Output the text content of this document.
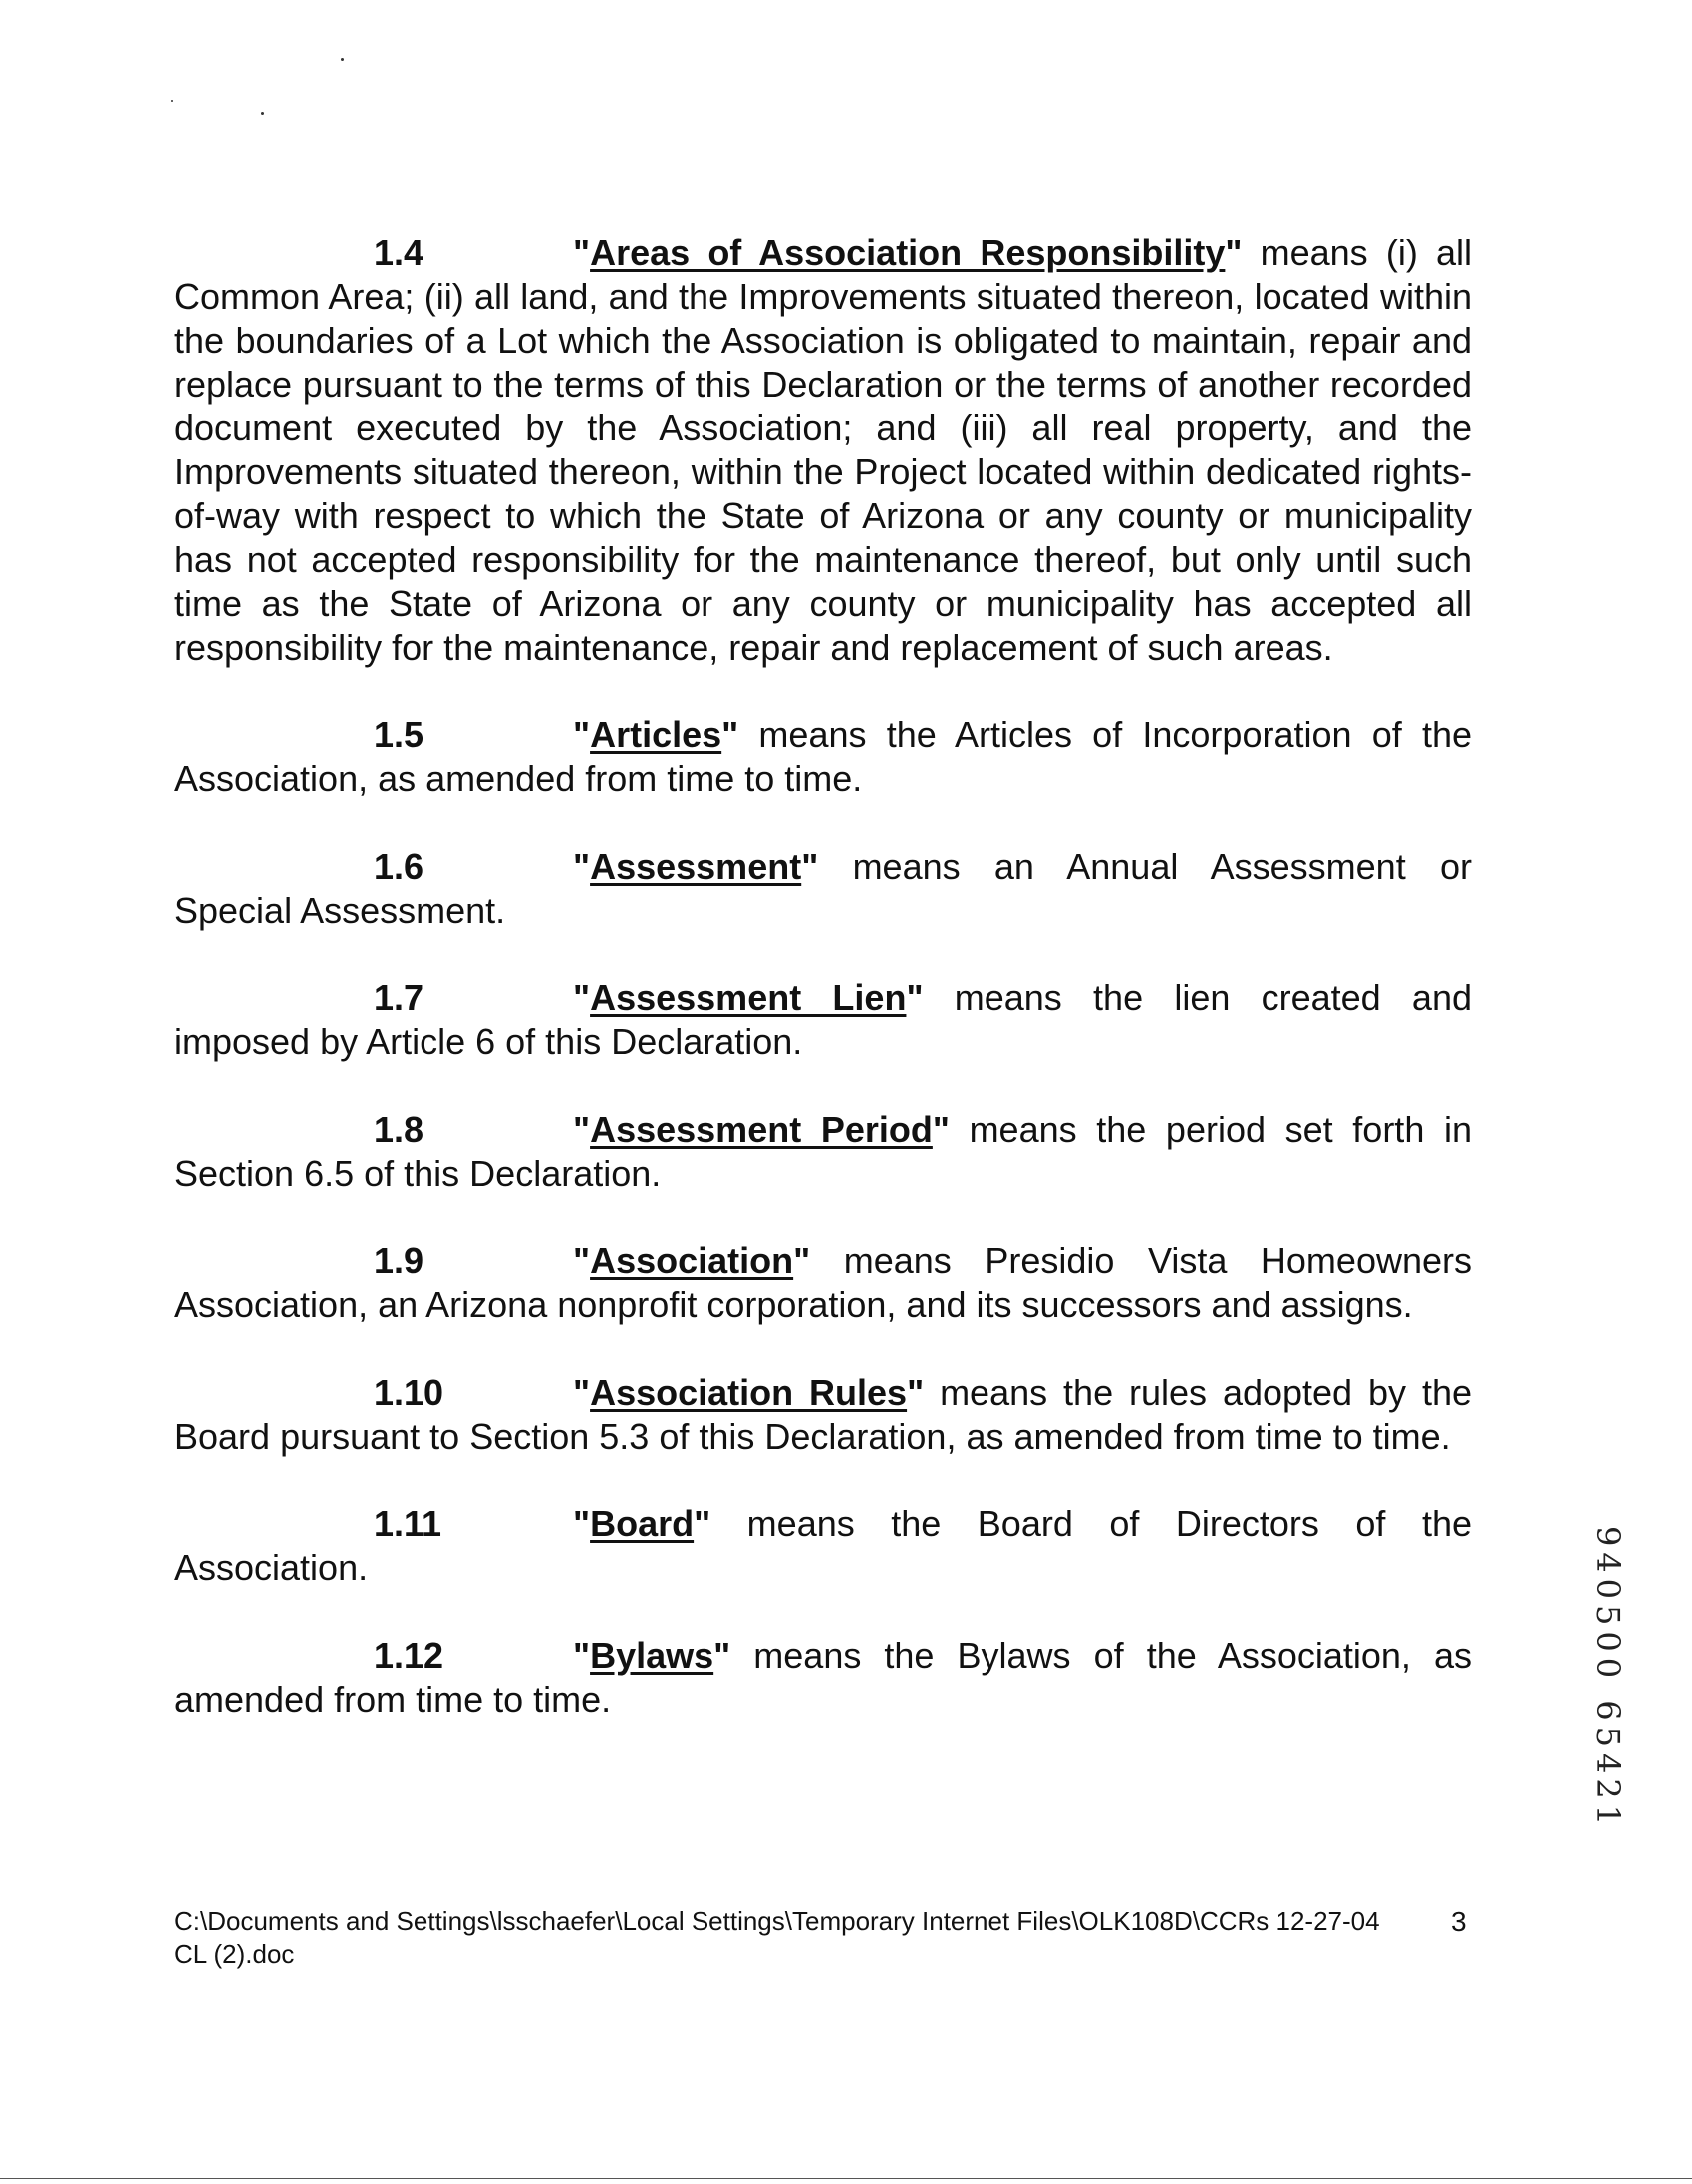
1.4	"Areas of Association Responsibility" means (i) all Common Area; (ii) all land, and the Improvements situated thereon, located within the boundaries of a Lot which the Association is obligated to maintain, repair and replace pursuant to the terms of this Declaration or the terms of another recorded document executed by the Association; and (iii) all real property, and the Improvements situated thereon, within the Project located within dedicated rights-of-way with respect to which the State of Arizona or any county or municipality has not accepted responsibility for the maintenance thereof, but only until such time as the State of Arizona or any county or municipality has accepted all responsibility for the maintenance, repair and replacement of such areas.

1.5	"Articles" means the Articles of Incorporation of the Association, as amended from time to time.

1.6	"Assessment" means an Annual Assessment or Special Assessment.

1.7	"Assessment Lien" means the lien created and imposed by Article 6 of this Declaration.

1.8	"Assessment Period" means the period set forth in Section 6.5 of this Declaration.

1.9	"Association" means Presidio Vista Homeowners Association, an Arizona nonprofit corporation, and its successors and assigns.

1.10	"Association Rules" means the rules adopted by the Board pursuant to Section 5.3 of this Declaration, as amended from time to time.

1.11	"Board" means the Board of Directors of the Association.

1.12	"Bylaws" means the Bylaws of the Association, as amended from time to time.	940500 65421
C:\Documents and Settings\lsschaefer\Local Settings\Temporary Internet Files\OLK108D\CCRs 12-27-04 CL (2).doc
3
